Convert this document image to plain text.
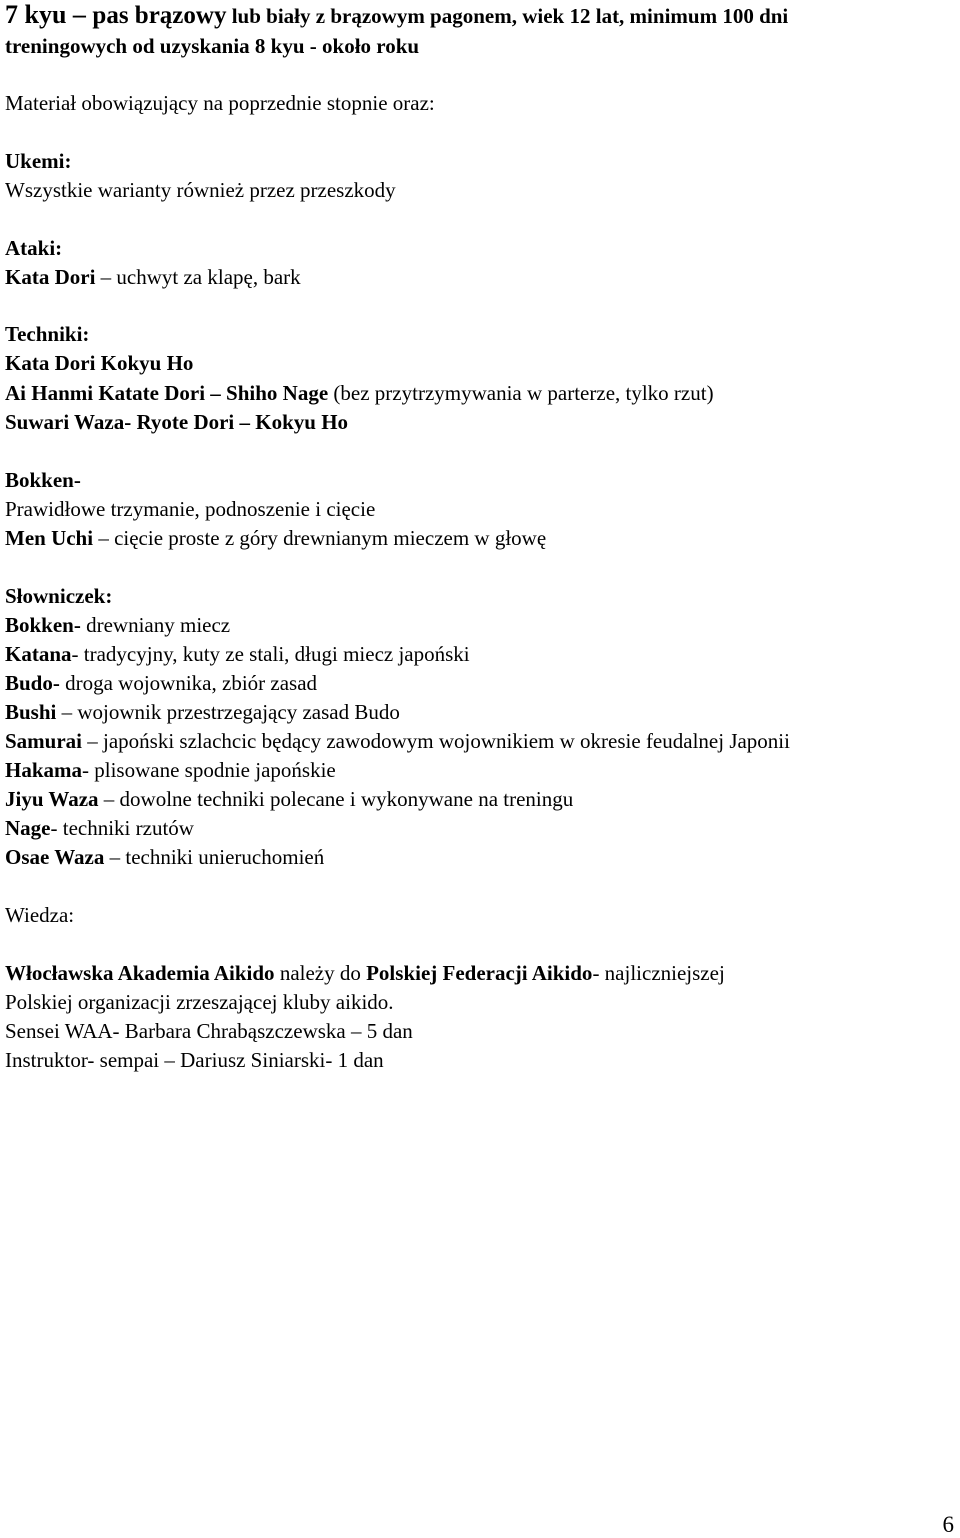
7 kyu – pas brązowy lub biały z brązowym pagonem, wiek 12 lat, minimum 100 dni
treningowych od uzyskania 8 kyu - około roku
Materiał obowiązujący na poprzednie stopnie oraz:
Ukemi:
Wszystkie warianty również przez przeszkody
Ataki:
Kata Dori – uchwyt za klapę, bark
Techniki:
Kata Dori Kokyu Ho
Ai Hanmi Katate Dori – Shiho Nage (bez przytrzymywania w parterze, tylko rzut)
Suwari Waza- Ryote Dori – Kokyu Ho
Bokken-
Prawidłowe trzymanie, podnoszenie i cięcie
Men Uchi – cięcie proste z góry drewnianym mieczem w głowę
Słowniczek:
Bokken- drewniany miecz
Katana- tradycyjny, kuty ze stali, długi miecz japoński
Budo- droga wojownika, zbiór zasad
Bushi – wojownik przestrzegający zasad Budo
Samurai – japoński szlachcic będący zawodowym wojownikiem w okresie feudalnej Japonii
Hakama- plisowane spodnie japońskie
Jiyu Waza – dowolne techniki polecane i wykonywane na treningu
Nage- techniki rzutów
Osae Waza – techniki unieruchomień
Wiedza:
Włocławska Akademia Aikido należy do Polskiej Federacji Aikido- najliczniejszej
Polskiej organizacji zrzeszającej kluby aikido.
Sensei WAA- Barbara Chrabąszczewska – 5 dan
Instruktor- sempai – Dariusz Siniarski- 1 dan
6
